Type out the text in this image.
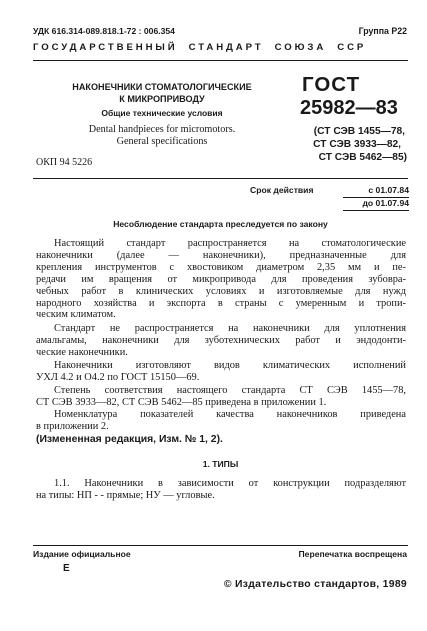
УДК 616.314-089.818.1-72 : 006.354	Группа Р22
ГОСУДАРСТВЕННЫЙ  СТАНДАРТ  СОЮЗА  ССР
НАКОНЕЧНИКИ СТОМАТОЛОГИЧЕСКИЕ
К МИКРОПРИВОДУ
Общие технические условия
Dental handpieces for micromotors.
General specifications
ОКП 94 5226
ГОСТ
25982—83
(СТ СЭВ 1455—78,
СТ СЭВ 3933—82,
СТ СЭВ 5462—85)
Срок действия	с 01.07.84
до 01.07.94
Несоблюдение стандарта преследуется по закону
Настоящий стандарт распространяется на стоматологические
наконечники (далее — наконечники), предназначенные для
крепления инструментов с хвостовиком диаметром 2,35 мм и пе-
редачи им вращения от микропривода для проведения зубовра-
чебных работ в клинических условиях и изготовляемые для нужд
народного хозяйства и экспорта в страны с умеренным и тропи-
ческим климатом.
Стандарт не распространяется на наконечники для уплотнения
амальгамы, наконечники для зуботехнических работ и эндодонти-
ческие наконечники.
Наконечники изготовляют видов климатических исполнений
УХЛ 4.2 и О4.2 по ГОСТ 15150—69.
Степень соответствия настоящего стандарта СТ СЭВ 1455—78,
СТ СЭВ 3933—82, СТ СЭВ 5462—85 приведена в приложении 1.
Номенклатура показателей качества наконечников приведена
в приложении 2.
(Измененная редакция, Изм. № 1, 2).
1. ТИПЫ
1.1. Наконечники в зависимости от конструкции подразделяют
на типы: НП - - прямые; НУ — угловые.
Издание официальное	Перепечатка воспрещена
Е
© Издательство стандартов, 1989
